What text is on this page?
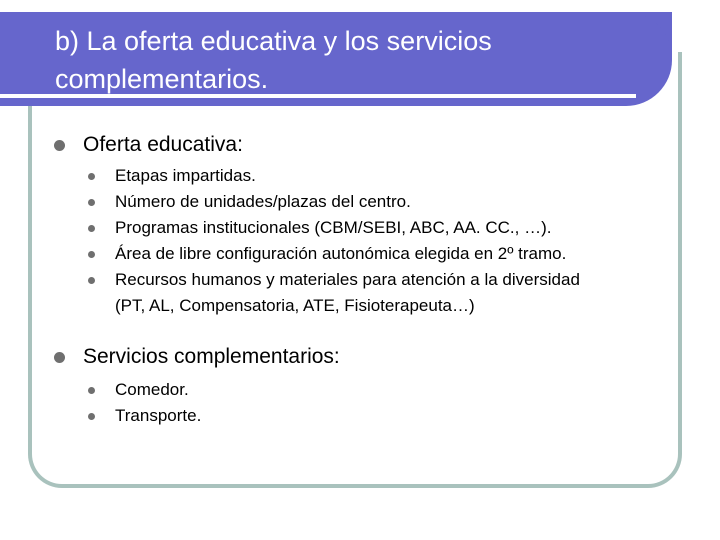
b) La oferta educativa y los servicios
complementarios.
Oferta educativa:
Etapas impartidas.
Número de unidades/plazas del centro.
Programas institucionales (CBM/SEBI, ABC, AA. CC., …).
Área de libre configuración autonómica elegida en 2º tramo.
Recursos humanos y materiales para atención a la diversidad
(PT, AL, Compensatoria, ATE, Fisioterapeuta…)
Servicios complementarios:
Comedor.
Transporte.
